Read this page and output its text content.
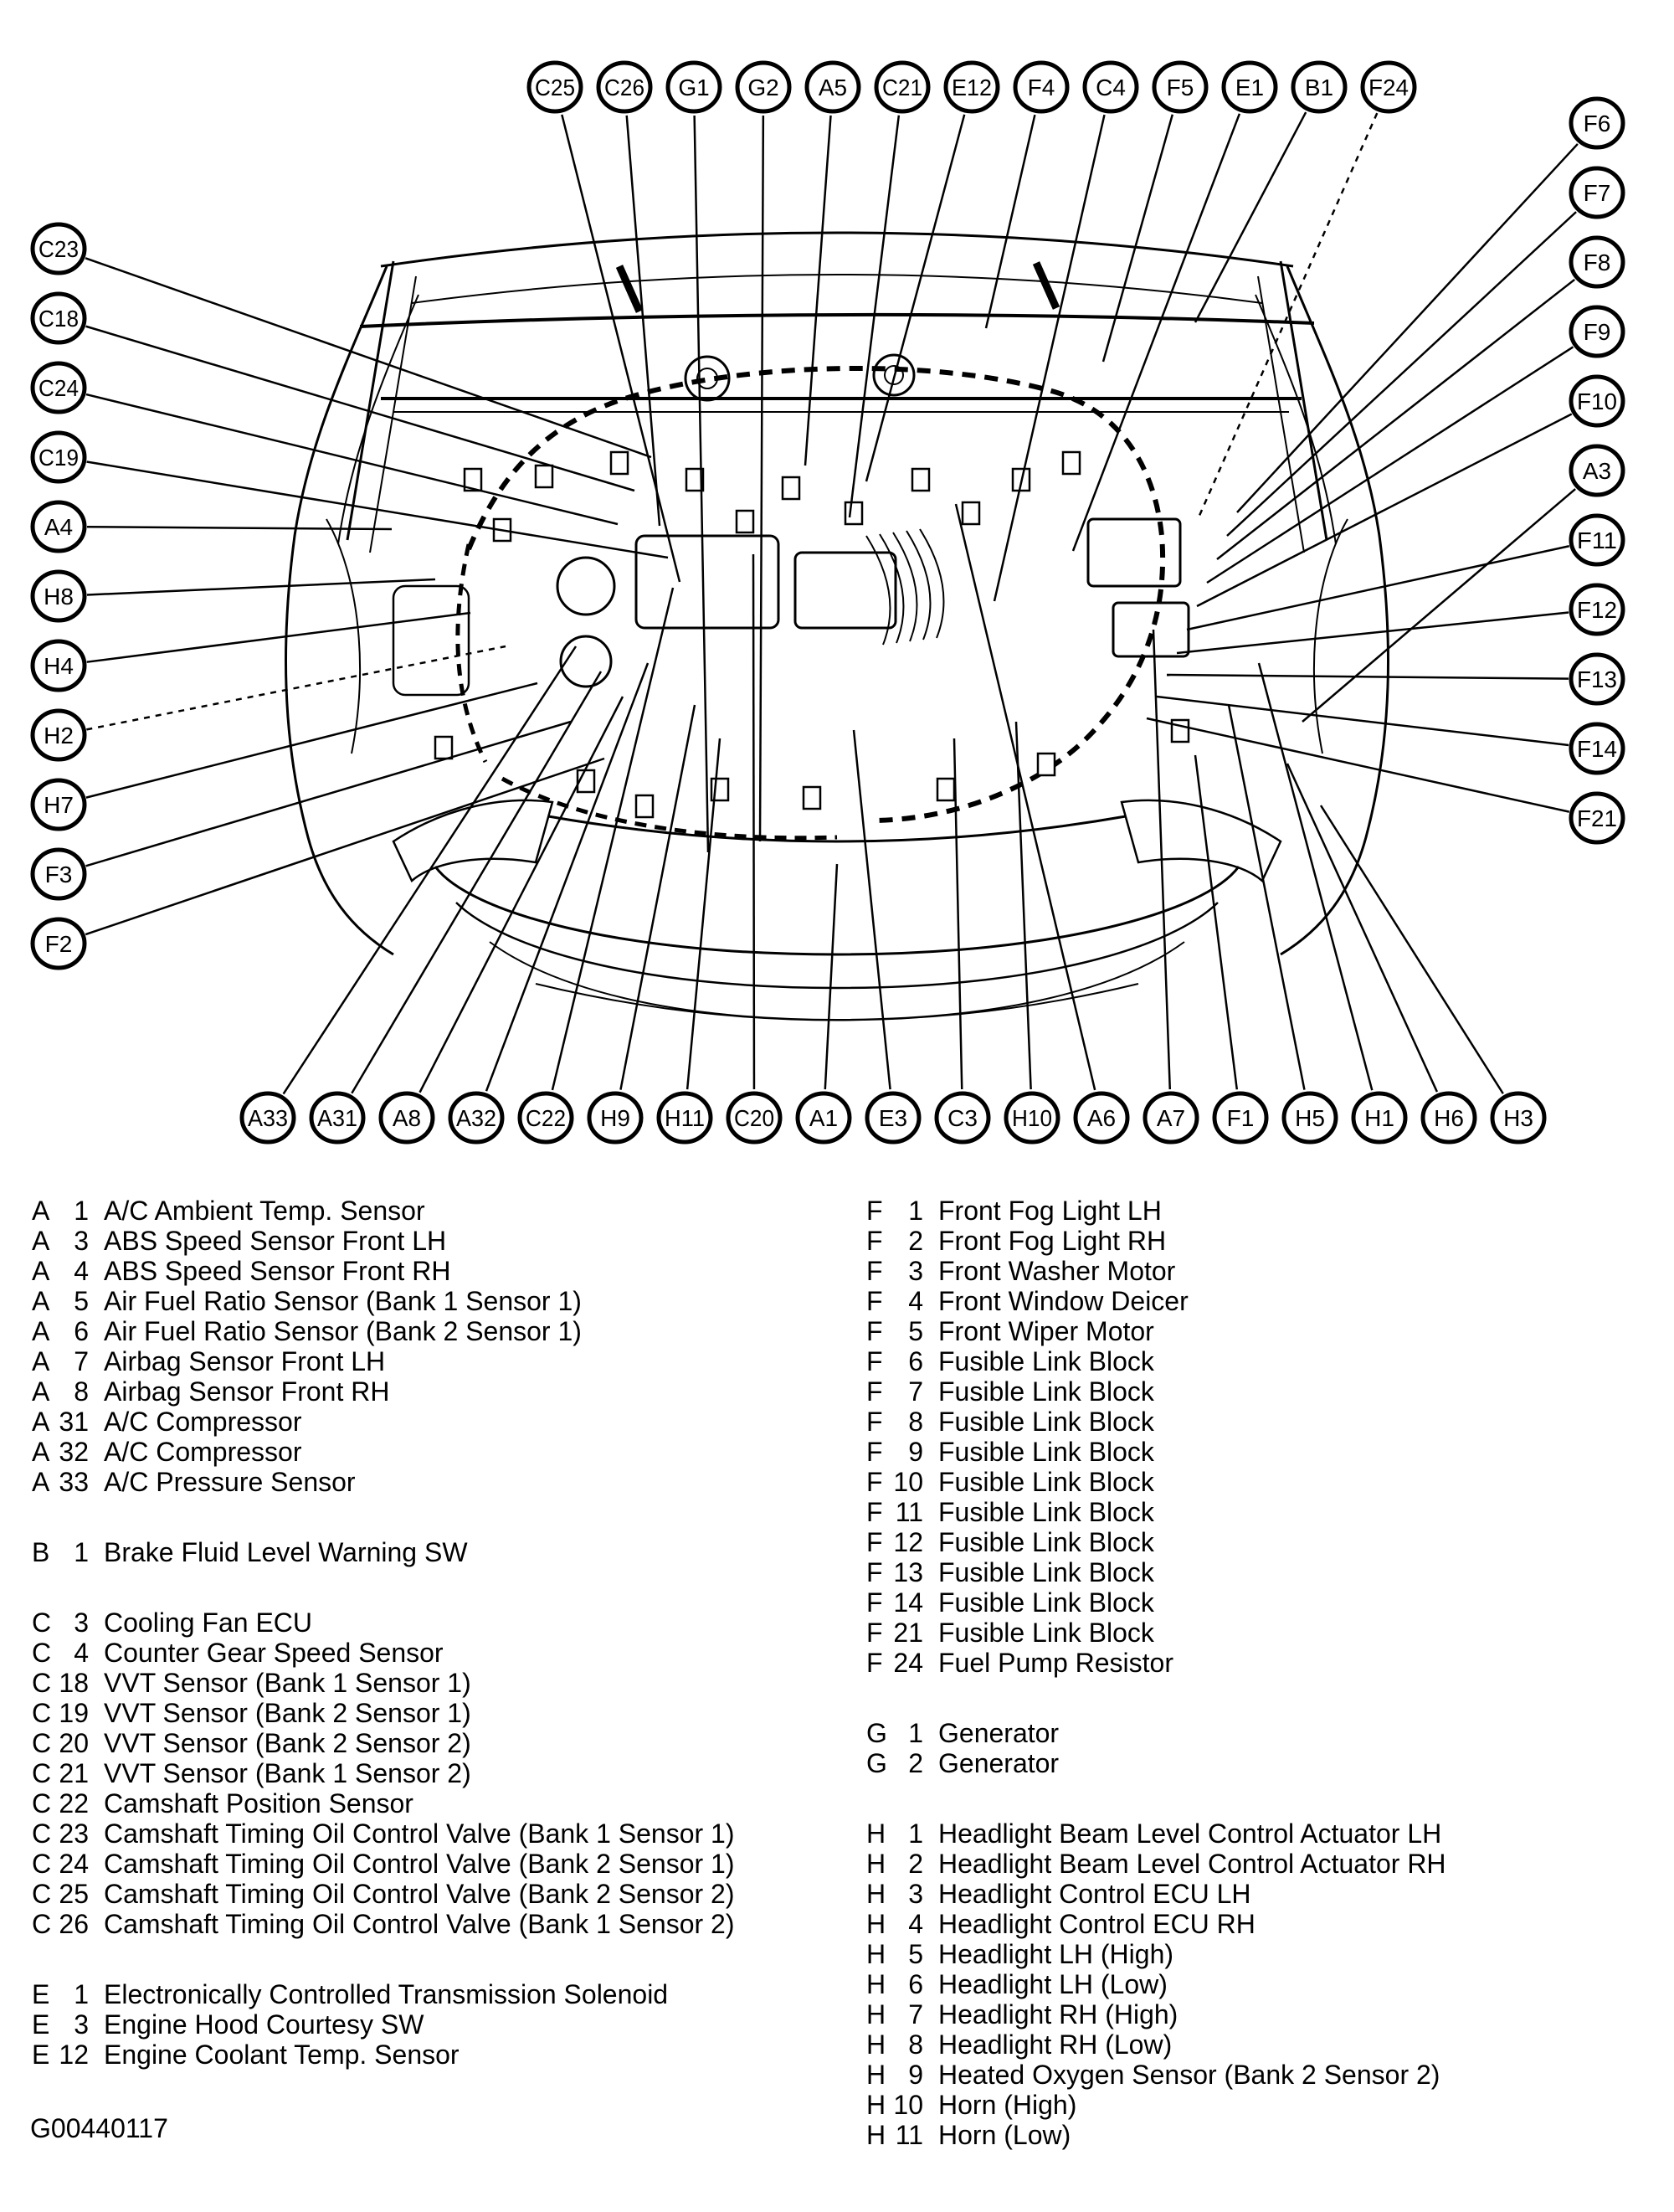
C25 C26 G1 G2 A5 C21 E12 F4 C4 F5 E1 B1 F24
F6
F7
F8
F9
F10
A3
F11
F12
F13
F14
F21
C23
C18
C24
C19
A4
H8
H4
H2
H7
F3
F2
A33 A31 A8 A32 C22 H9 H11 C20 A1 E3 C3 H10 A6 A7 F1 H5 H1 H6 H3
A 1 A/C Ambient Temp. Sensor
A 3 ABS Speed Sensor Front LH
A 4 ABS Speed Sensor Front RH
A 5 Air Fuel Ratio Sensor (Bank 1 Sensor 1)
A 6 Air Fuel Ratio Sensor (Bank 2 Sensor 1)
A 7 Airbag Sensor Front LH
A 8 Airbag Sensor Front RH
A 31 A/C Compressor
A 32 A/C Compressor
A 33 A/C Pressure Sensor
B 1 Brake Fluid Level Warning SW
C 3 Cooling Fan ECU
C 4 Counter Gear Speed Sensor
C 18 VVT Sensor (Bank 1 Sensor 1)
C 19 VVT Sensor (Bank 2 Sensor 1)
C 20 VVT Sensor (Bank 2 Sensor 2)
C 21 VVT Sensor (Bank 1 Sensor 2)
C 22 Camshaft Position Sensor
C 23 Camshaft Timing Oil Control Valve (Bank 1 Sensor 1)
C 24 Camshaft Timing Oil Control Valve (Bank 2 Sensor 1)
C 25 Camshaft Timing Oil Control Valve (Bank 2 Sensor 2)
C 26 Camshaft Timing Oil Control Valve (Bank 1 Sensor 2)
E 1 Electronically Controlled Transmission Solenoid
E 3 Engine Hood Courtesy SW
E 12 Engine Coolant Temp. Sensor
F 1 Front Fog Light LH
F 2 Front Fog Light RH
F 3 Front Washer Motor
F 4 Front Window Deicer
F 5 Front Wiper Motor
F 6 Fusible Link Block
F 7 Fusible Link Block
F 8 Fusible Link Block
F 9 Fusible Link Block
F 10 Fusible Link Block
F 11 Fusible Link Block
F 12 Fusible Link Block
F 13 Fusible Link Block
F 14 Fusible Link Block
F 21 Fusible Link Block
F 24 Fuel Pump Resistor
G 1 Generator
G 2 Generator
H 1 Headlight Beam Level Control Actuator LH
H 2 Headlight Beam Level Control Actuator RH
H 3 Headlight Control ECU LH
H 4 Headlight Control ECU RH
H 5 Headlight LH (High)
H 6 Headlight LH (Low)
H 7 Headlight RH (High)
H 8 Headlight RH (Low)
H 9 Heated Oxygen Sensor (Bank 2 Sensor 2)
H 10 Horn (High)
H 11 Horn (Low)
G00440117
